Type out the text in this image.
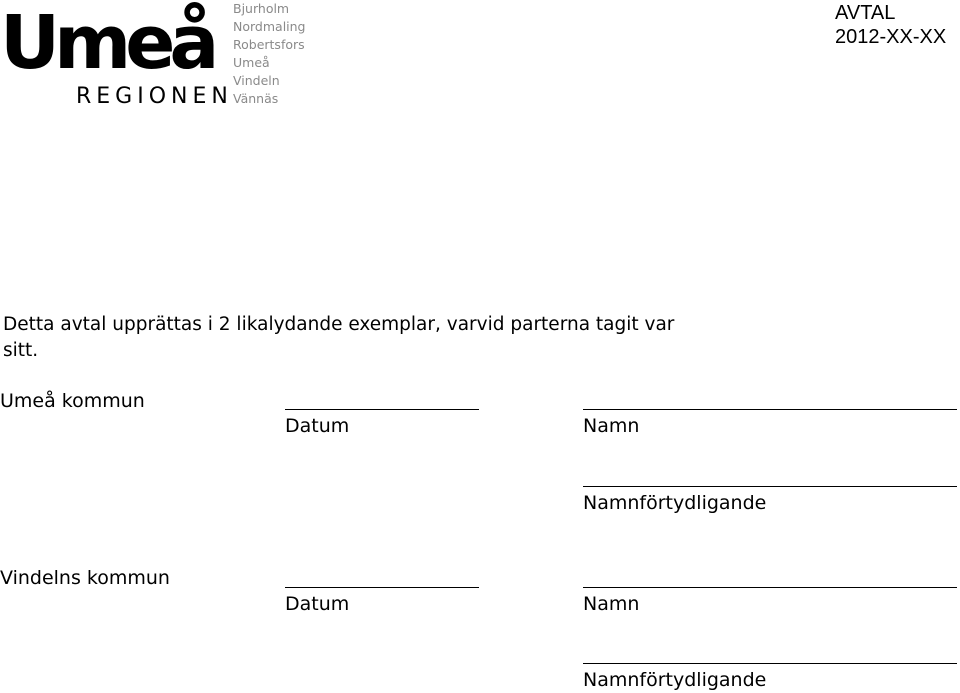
Umeå
REGIONEN
Bjurholm
Nordmaling
Robertsfors
Umeå
Vindeln
Vännäs
AVTAL
2012-XX-XX

Detta avtal upprättas i 2 likalydande exemplar, varvid parterna tagit var sitt.

Umeå kommun
Datum	Namn
Namnförtydligande
Vindelns kommun
Datum	Namn
Namnförtydligande
